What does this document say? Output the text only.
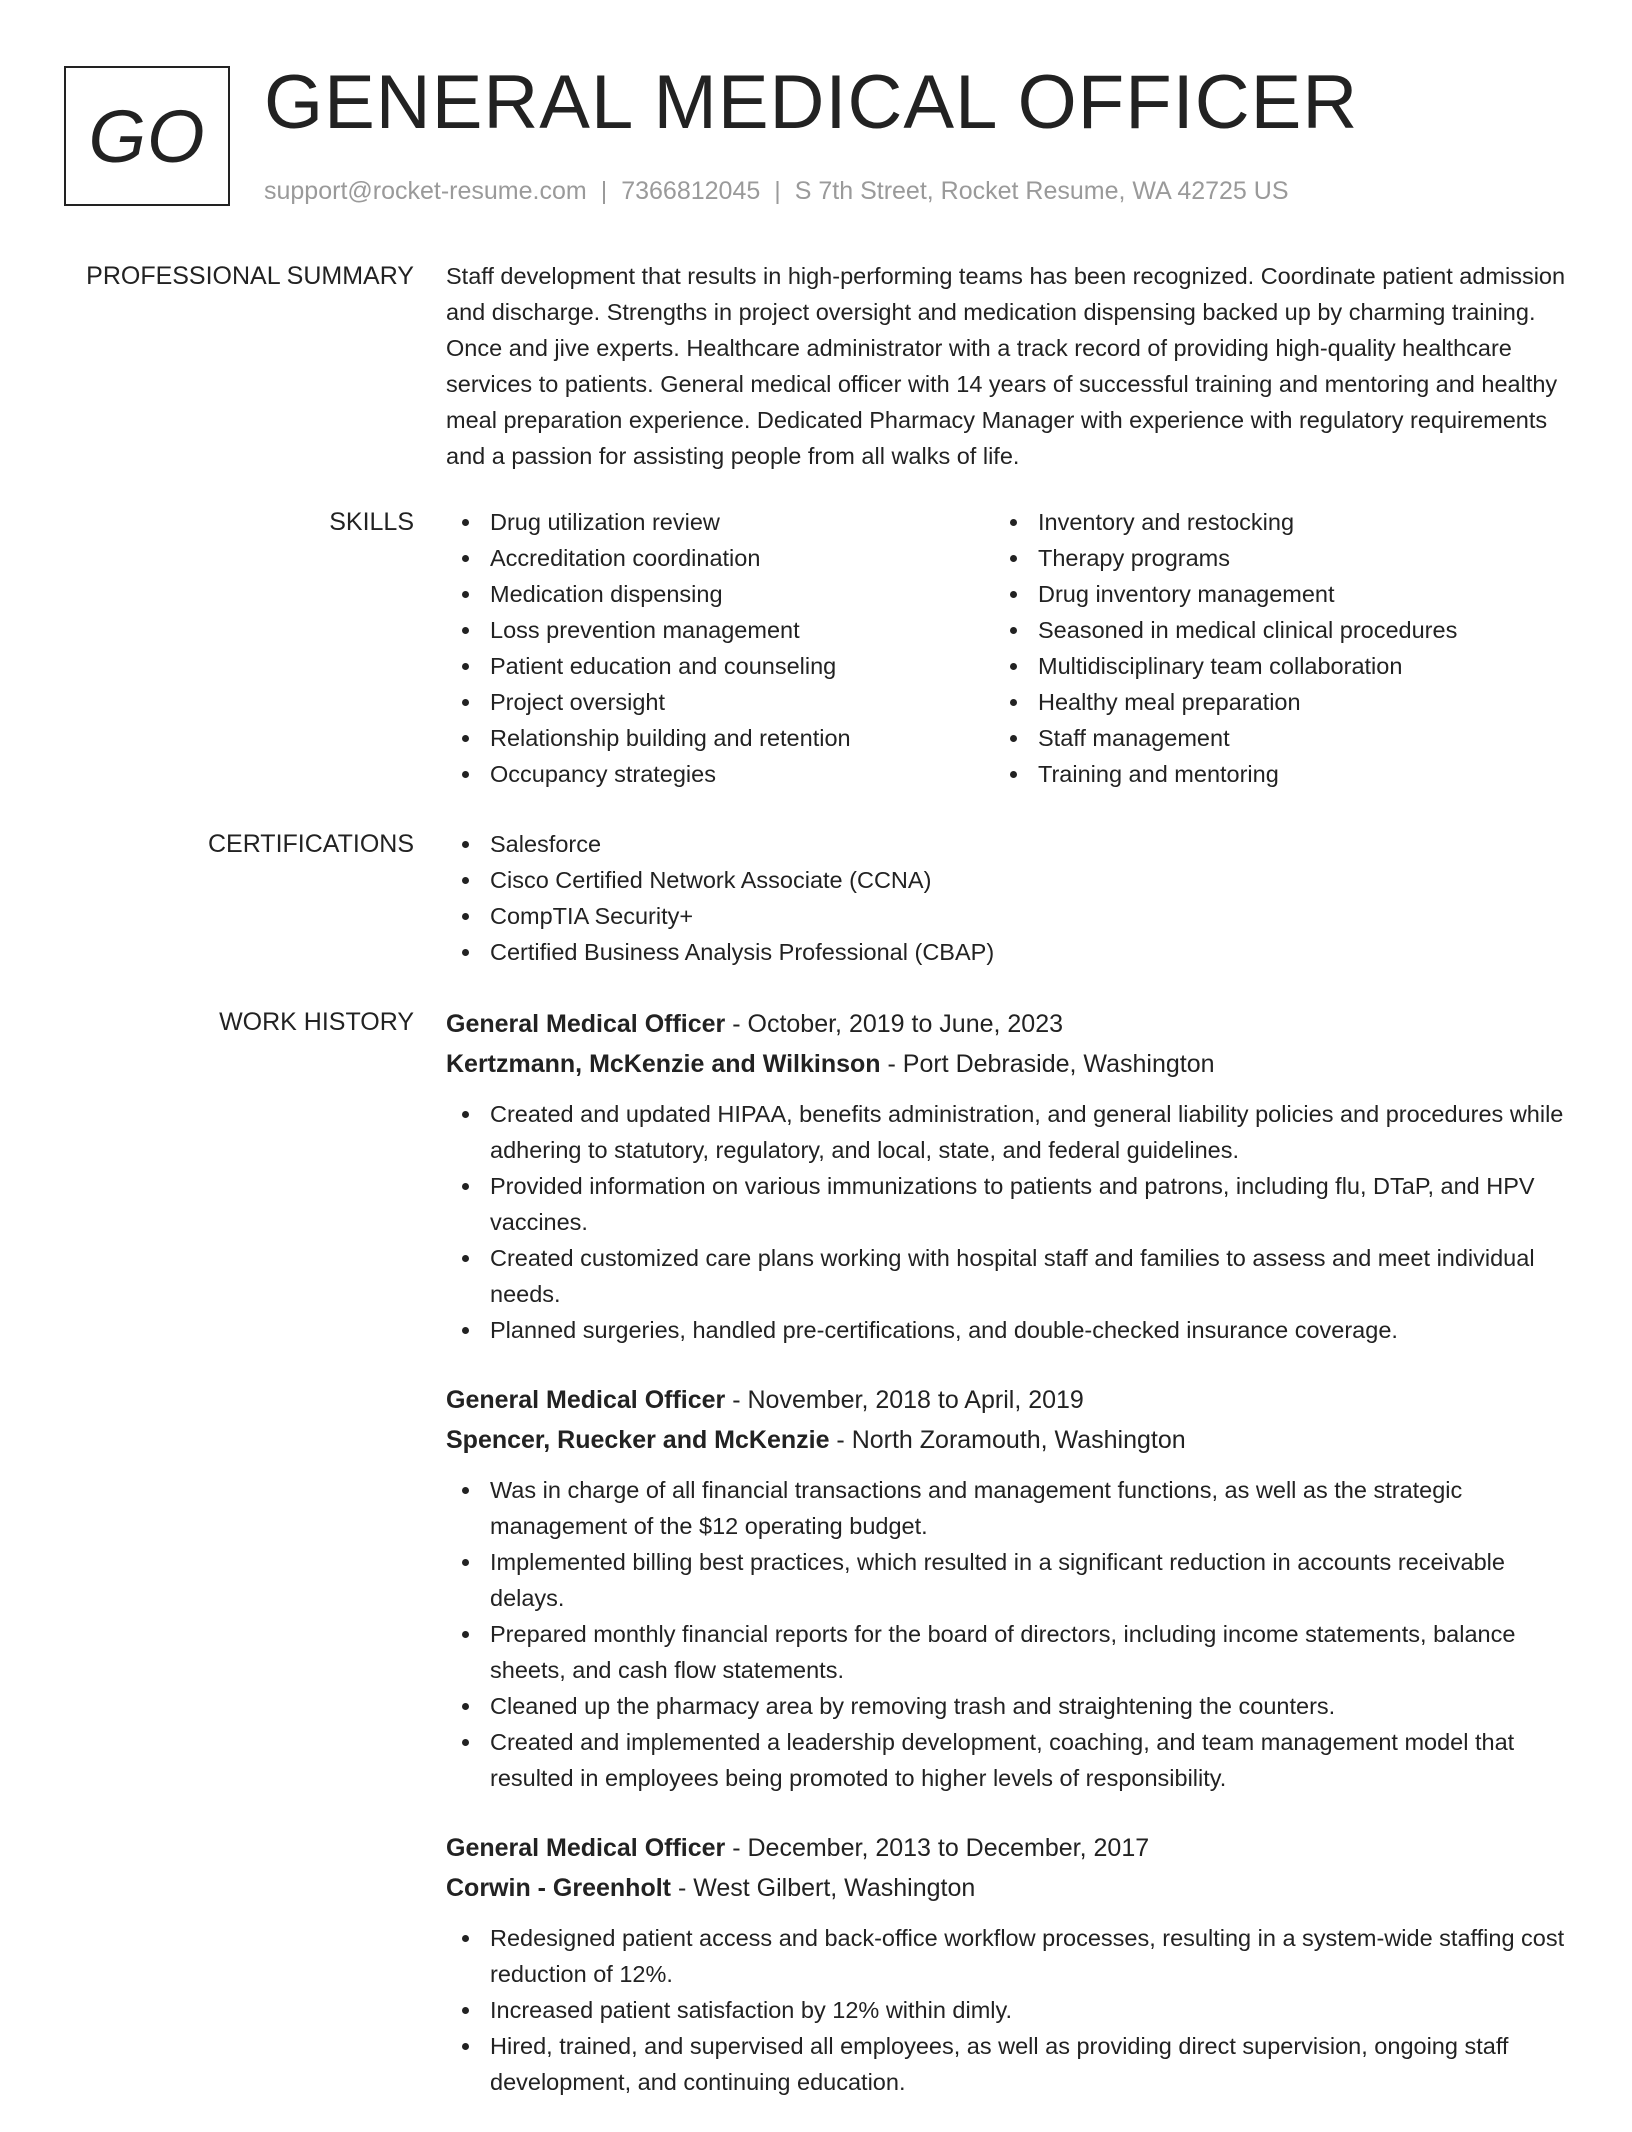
GO GENERAL MEDICAL OFFICER
support@rocket-resume.com | 7366812045 | S 7th Street, Rocket Resume, WA 42725 US
PROFESSIONAL SUMMARY Staff development that results in high-performing teams has been recognized. Coordinate patient admission and discharge. Strengths in project oversight and medication dispensing backed up by charming training. Once and jive experts. Healthcare administrator with a track record of providing high-quality healthcare services to patients. General medical officer with 14 years of successful training and mentoring and healthy meal preparation experience. Dedicated Pharmacy Manager with experience with regulatory requirements and a passion for assisting people from all walks of life.

SKILLS	Drug utilization review
Accreditation coordination
Medication dispensing
Loss prevention management
Patient education and counseling
Project oversight
Relationship building and retention
Occupancy strategies
Inventory and restocking
Therapy programs
Drug inventory management
Seasoned in medical clinical procedures
Multidisciplinary team collaboration
Healthy meal preparation
Staff management
Training and mentoring
CERTIFICATIONS	Salesforce
Cisco Certified Network Associate (CCNA)
CompTIA Security+
Certified Business Analysis Professional (CBAP)
WORK HISTORY General Medical Officer - October, 2019 to June, 2023
Kertzmann, McKenzie and Wilkinson - Port Debraside, Washington
Created and updated HIPAA, benefits administration, and general liability policies and procedures while adhering to statutory, regulatory, and local, state, and federal guidelines.
Provided information on various immunizations to patients and patrons, including flu, DTaP, and HPV vaccines.
Created customized care plans working with hospital staff and families to assess and meet individual needs.
Planned surgeries, handled pre-certifications, and double-checked insurance coverage.
General Medical Officer - November, 2018 to April, 2019
Spencer, Ruecker and McKenzie - North Zoramouth, Washington
Was in charge of all financial transactions and management functions, as well as the strategic management of the $12 operating budget.
Implemented billing best practices, which resulted in a significant reduction in accounts receivable delays.
Prepared monthly financial reports for the board of directors, including income statements, balance sheets, and cash flow statements.
Cleaned up the pharmacy area by removing trash and straightening the counters.
Created and implemented a leadership development, coaching, and team management model that resulted in employees being promoted to higher levels of responsibility.
General Medical Officer - December, 2013 to December, 2017
Corwin - Greenholt - West Gilbert, Washington
Redesigned patient access and back-office workflow processes, resulting in a system-wide staffing cost reduction of 12%.
Increased patient satisfaction by 12% within dimly.
Hired, trained, and supervised all employees, as well as providing direct supervision, ongoing staff development, and continuing education.
